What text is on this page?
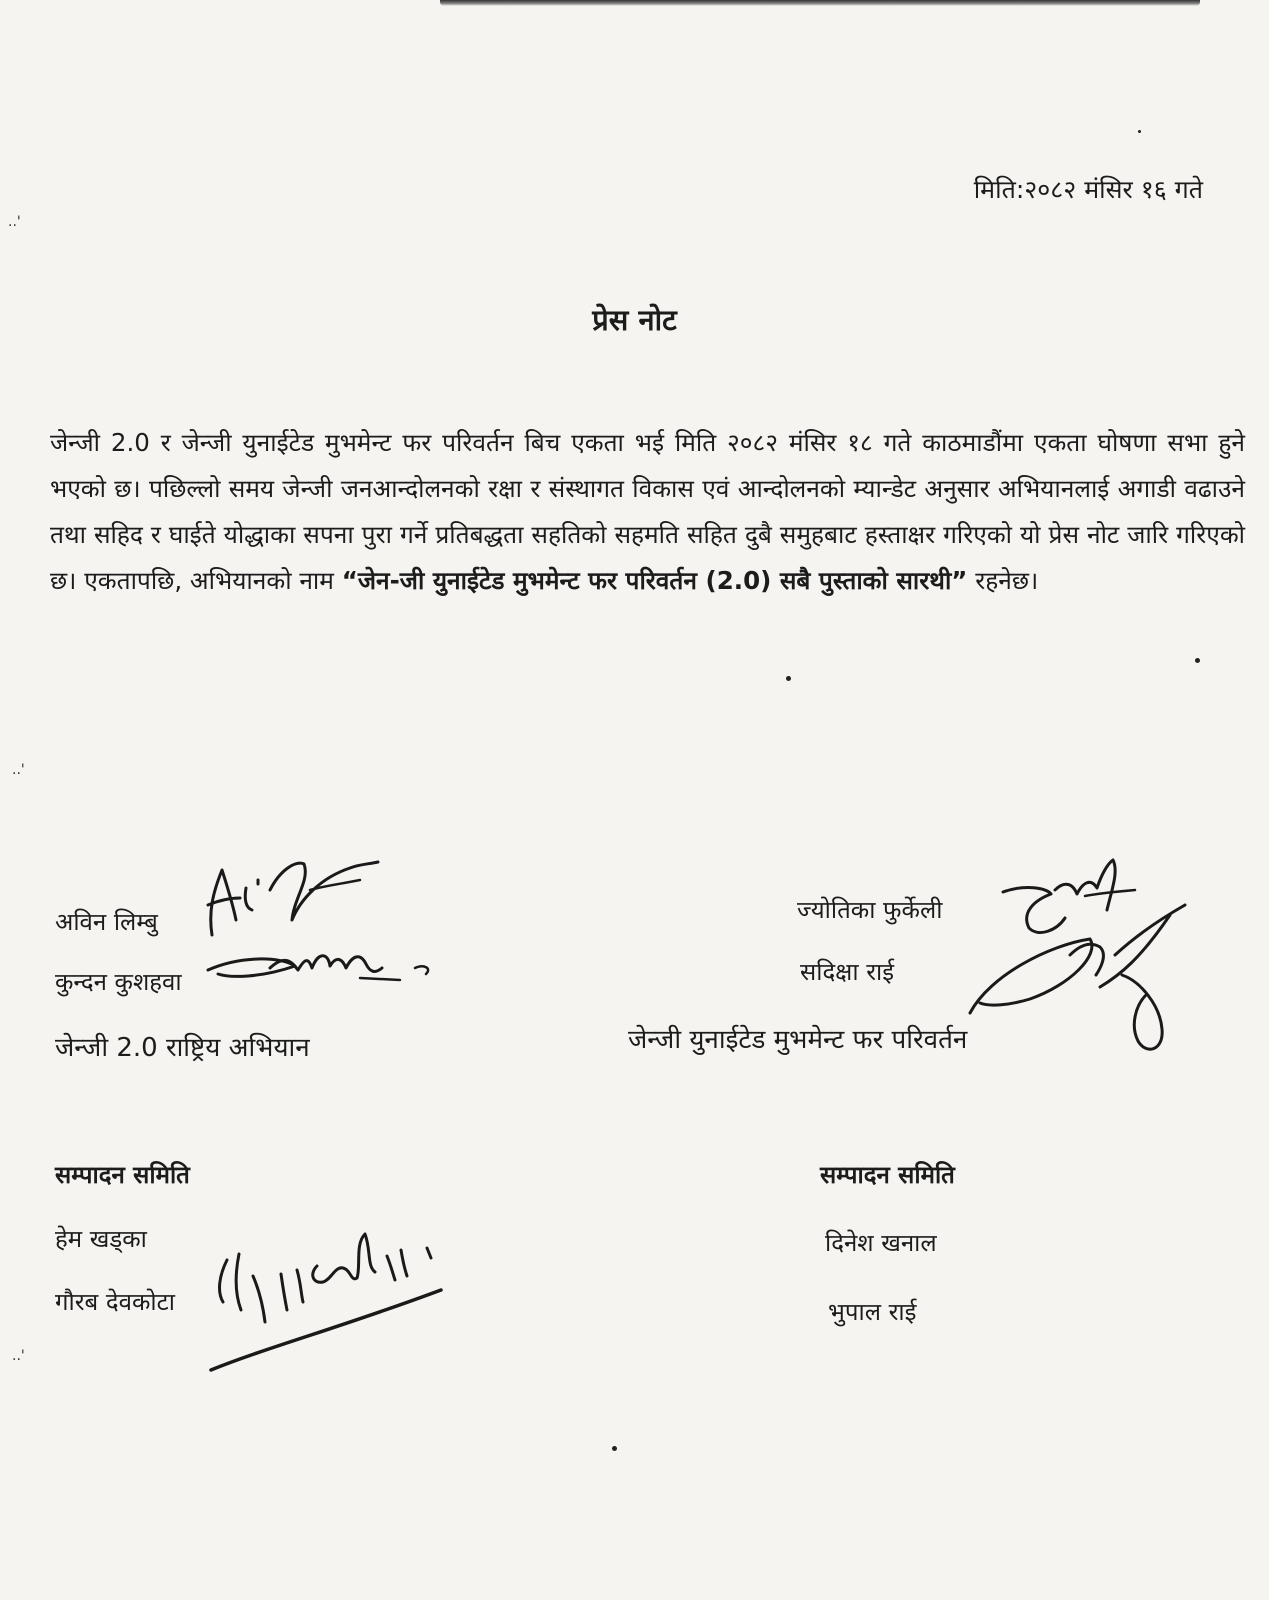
मिति:२०८२ मंसिर १६ गते
प्रेस नोट

जेन्जी 2.0 र जेन्जी युनाईटेड मुभमेन्ट फर परिवर्तन बिच एकता भई मिति २०८२ मंसिर १८ गते काठमाडौंमा एकता घोषणा सभा हुने भएको छ। पछिल्लो समय जेन्जी जनआन्दोलनको रक्षा र संस्थागत विकास एवं आन्दोलनको म्यान्डेट अनुसार अभियानलाई अगाडी वढाउने तथा सहिद र घाईते योद्धाका सपना पुरा गर्ने प्रतिबद्धता सहतिको सहमति सहित दुबै समुहबाट हस्ताक्षर गरिएको यो प्रेस नोट जारि गरिएको छ। एकतापछि, अभियानको नाम “जेन-जी युनाईटेड मुभमेन्ट फर परिवर्तन (2.0) सबै पुस्ताको सारथी” रहनेछ।

अविन लिम्बु
कुन्दन कुशहवा
जेन्जी 2.0 राष्ट्रिय अभियान
ज्योतिका फुर्केली
सदिक्षा राई
जेन्जी युनाईटेड मुभमेन्ट फर परिवर्तन
सम्पादन समिति
हेम खड्का
गौरब देवकोटा
सम्पादन समिति
दिनेश खनाल
भुपाल राई
..'
..'
..'
